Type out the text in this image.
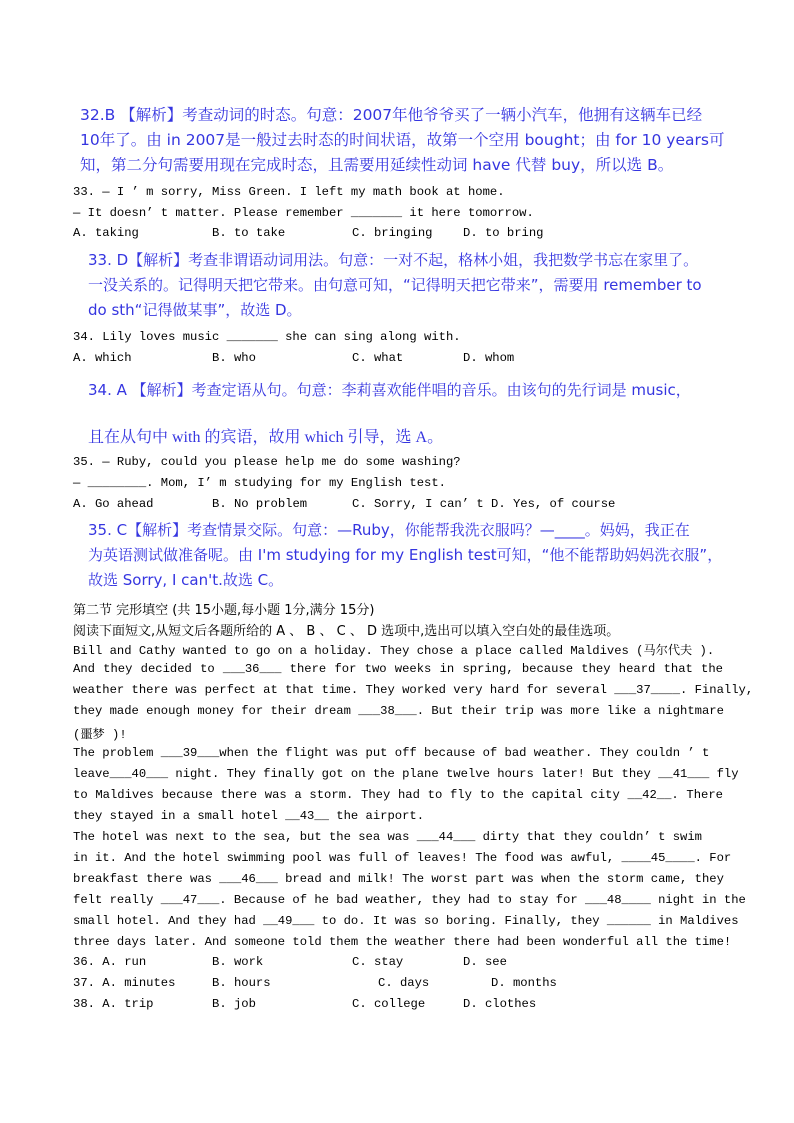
32.B 【解析】考查动词的时态。句意：2007年他爷爷买了一辆小汽车，他拥有这辆车已经
10年了。由 in 2007是一般过去时态的时间状语，故第一个空用 bought；由 for 10 years可
知，第二分句需要用现在完成时态，且需要用延续性动词 have 代替 buy，所以选 B。
33. — I ’ m sorry, Miss Green. I left my math book at home.
— It doesn’ t matter. Please remember _______ it here tomorrow.
A. taking	B. to take	C. bringing	D. to bring
33. D【解析】考查非谓语动词用法。句意：一对不起，格林小姐，我把数学书忘在家里了。
一没关系的。记得明天把它带来。由句意可知，“记得明天把它带来”，需要用 remember to
do sth“记得做某事”，故选 D。
34. Lily loves music _______ she can sing along with.
A. which	B. who	C. what	D. whom
34. A 【解析】考查定语从句。句意：李莉喜欢能伴唱的音乐。由该句的先行词是 music，
且在从句中 with 的宾语，故用 which 引导，选 A。
35. — Ruby, could you please help me do some washing?
— ________. Mom, I’ m studying for my English test.
A. Go ahead	B. No problem	C. Sorry, I can’ t D. Yes, of course
35. C【解析】考查情景交际。句意：—Ruby，你能帮我洗衣服吗？—____。妈妈，我正在
为英语测试做准备呢。由 I'm studying for my English test可知，“他不能帮助妈妈洗衣服”，
故选 Sorry, I can't.故选 C。
第二节 完形填空 (共 15小题,每小题 1分,满分 15分)
阅读下面短文,从短文后各题所给的 A 、 B 、 C 、 D 选项中,选出可以填入空白处的最佳选项。
Bill and Cathy wanted to go on a holiday. They chose a place called Maldives (马尔代夫 ).
And they decided to ___36___ there for two weeks in spring, because they heard that the
weather there was perfect at that time. They worked very hard for several ___37____. Finally,
they made enough money for their dream ___38___. But their trip was more like a nightmare
(噩梦 )!
The problem ___39___when the flight was put off because of bad weather. They couldn ’ t
leave___40___ night. They finally got on the plane twelve hours later! But they __41___ fly
to Maldives because there was a storm. They had to fly to the capital city __42__. There
they stayed in a small hotel __43__ the airport.
The hotel was next to the sea, but the sea was ___44___ dirty that they couldn’ t swim
in it. And the hotel swimming pool was full of leaves! The food was awful, ____45____. For
breakfast there was ___46___ bread and milk! The worst part was when the storm came, they
felt really ___47___. Because of he bad weather, they had to stay for ___48____ night in the
small hotel. And they had __49___ to do. It was so boring. Finally, they ______ in Maldives
three days later. And someone told them the weather there had been wonderful all the time!
36. A. run	B. work	C. stay	D. see
37. A. minutes	B. hours	C. days	D. months
38. A. trip	B. job	C. college	D. clothes
